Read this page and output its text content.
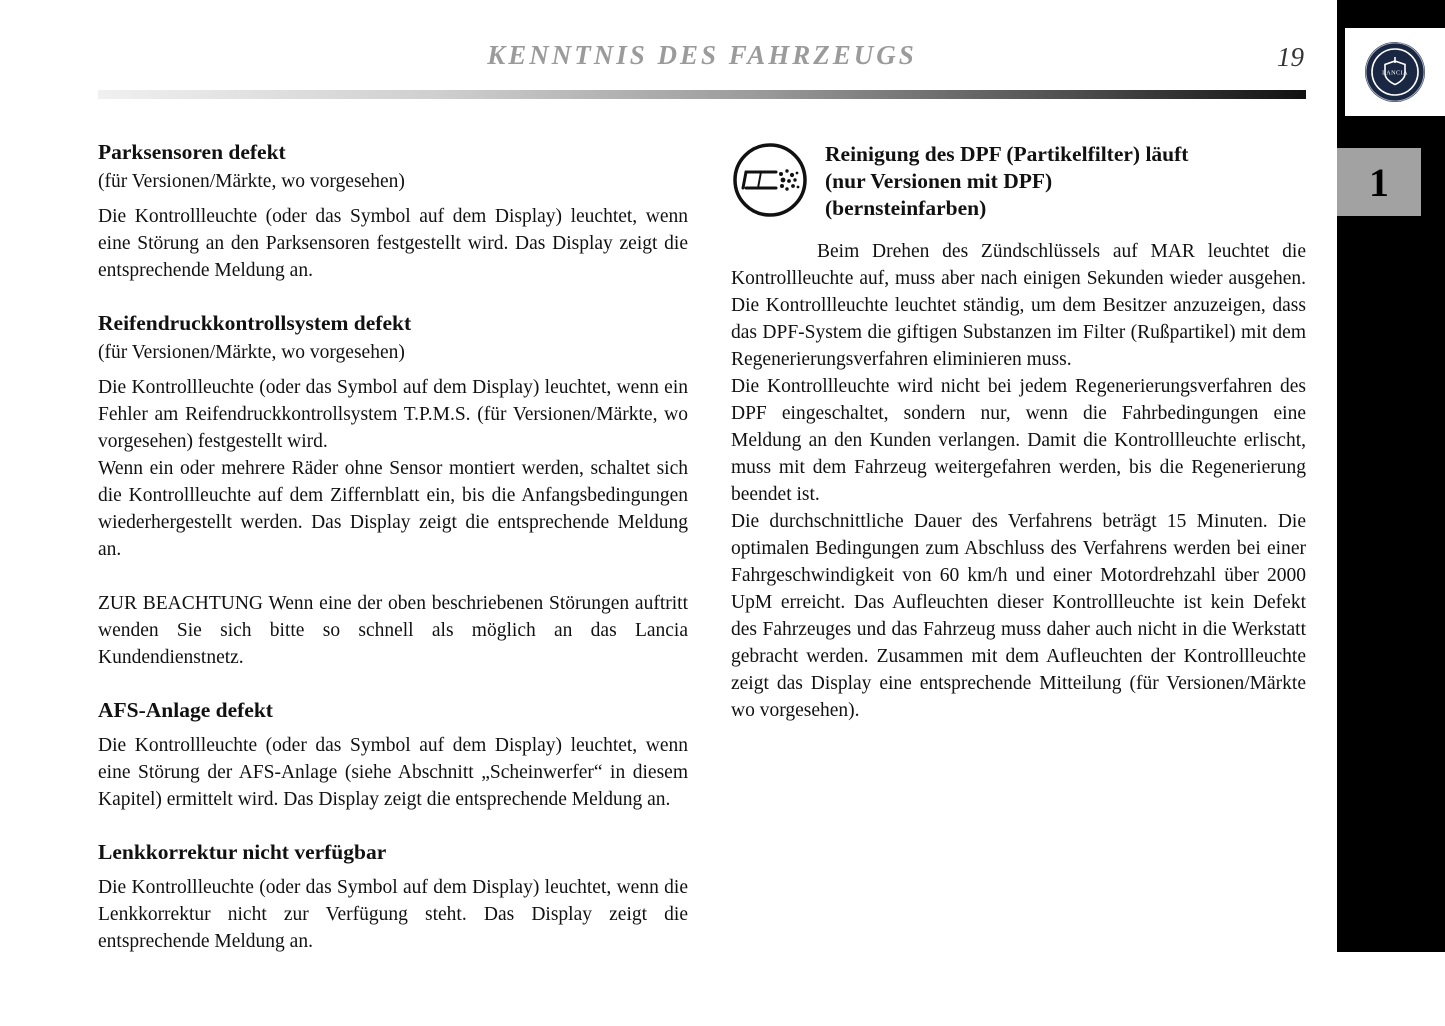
LANCIA
1
KENNTNIS DES FAHRZEUGS	19
Parksensoren defekt
(für Versionen/Märkte, wo vorgesehen)

Die Kontrollleuchte (oder das Symbol auf dem Display) leuchtet, wenn eine Störung an den Parksensoren festgestellt wird. Das Display zeigt die entsprechende Meldung an.

Reifendruckkontrollsystem defekt
(für Versionen/Märkte, wo vorgesehen)

Die Kontrollleuchte (oder das Symbol auf dem Display) leuchtet, wenn ein Fehler am Reifendruckkontrollsystem T.P.M.S. (für Versionen/Märkte, wo vorgesehen) festgestellt wird.

Wenn ein oder mehrere Räder ohne Sensor montiert werden, schaltet sich die Kontrollleuchte auf dem Ziffernblatt ein, bis die Anfangsbedingungen wiederhergestellt werden. Das Display zeigt die entsprechende Meldung an.

ZUR BEACHTUNG Wenn eine der oben beschriebenen Störungen auftritt wenden Sie sich bitte so schnell als möglich an das Lancia Kundendienstnetz.

AFS-Anlage defekt

Die Kontrollleuchte (oder das Symbol auf dem Display) leuchtet, wenn eine Störung der AFS-Anlage (siehe Abschnitt „Scheinwerfer“ in diesem Kapitel) ermittelt wird. Das Display zeigt die entsprechende Meldung an.

Lenkkorrektur nicht verfügbar

Die Kontrollleuchte (oder das Symbol auf dem Display) leuchtet, wenn die Lenkkorrektur nicht zur Verfügung steht. Das Display zeigt die entsprechende Meldung an.

Reinigung des DPF (Partikelfilter) läuft
(nur Versionen mit DPF)
(bernsteinfarben)

Beim Drehen des Zündschlüssels auf MAR leuchtet die Kontrollleuchte auf, muss aber nach einigen Sekunden wieder ausgehen. Die Kontrollleuchte leuchtet ständig, um dem Besitzer anzuzeigen, dass das DPF-System die giftigen Substanzen im Filter (Rußpartikel) mit dem Regenerierungsverfahren eliminieren muss.

Die Kontrollleuchte wird nicht bei jedem Regenerierungsverfahren des DPF eingeschaltet, sondern nur, wenn die Fahrbedingungen eine Meldung an den Kunden verlangen. Damit die Kontrollleuchte erlischt, muss mit dem Fahrzeug weitergefahren werden, bis die Regenerierung beendet ist.

Die durchschnittliche Dauer des Verfahrens beträgt 15 Minuten. Die optimalen Bedingungen zum Abschluss des Verfahrens werden bei einer Fahrgeschwindigkeit von 60 km/h und einer Motordrehzahl über 2000 UpM erreicht. Das Aufleuchten dieser Kontrollleuchte ist kein Defekt des Fahrzeuges und das Fahrzeug muss daher auch nicht in die Werkstatt gebracht werden. Zusammen mit dem Aufleuchten der Kontrollleuchte zeigt das Display eine entsprechende Mitteilung (für Versionen/Märkte wo vorgesehen).
